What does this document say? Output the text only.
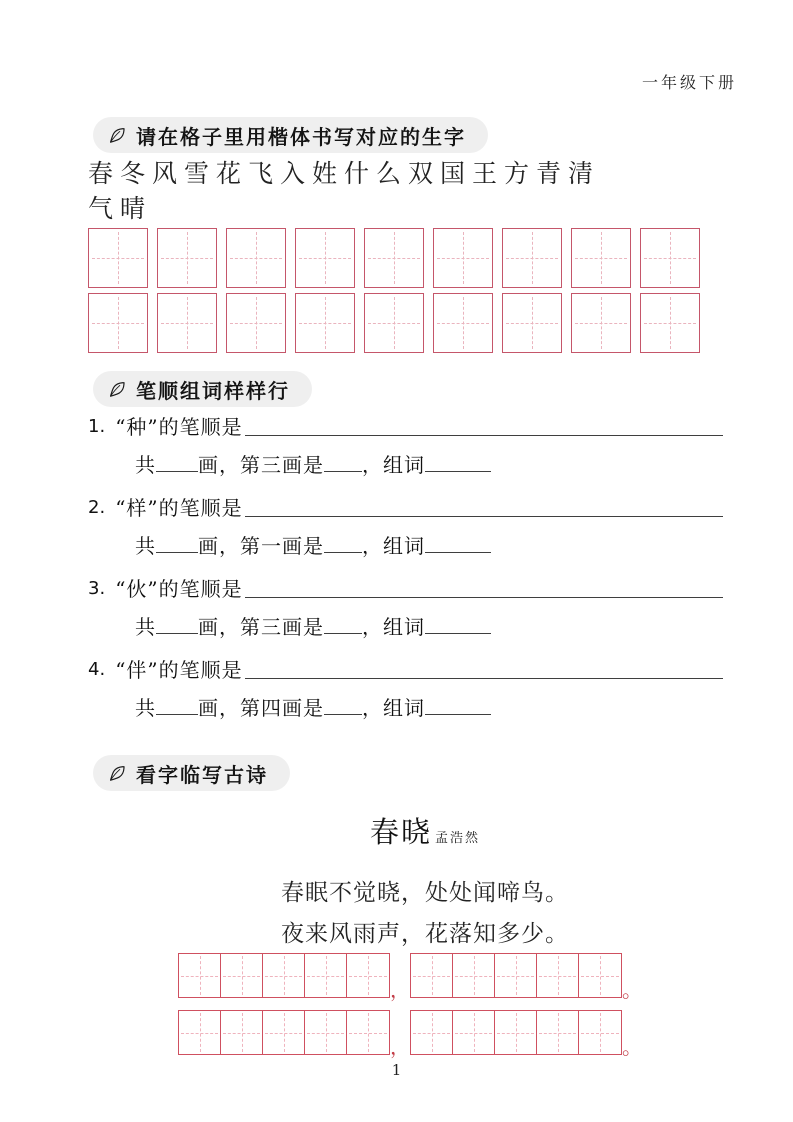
一年级下册
请在格子里用楷体书写对应的生字
春冬风雪花飞入姓什么双国王方青清
气晴
笔顺组词样样行
1. “种”的笔顺是
共 画，第三画是 ，组词
2. “样”的笔顺是
共 画，第一画是 ，组词
3. “伙”的笔顺是
共 画，第三画是 ，组词
4. “伴”的笔顺是
共 画，第四画是 ，组词
看字临写古诗
春晓 孟浩然
春眠不觉晓，处处闻啼鸟。
夜来风雨声，花落知多少。
，	。
，	。
1
